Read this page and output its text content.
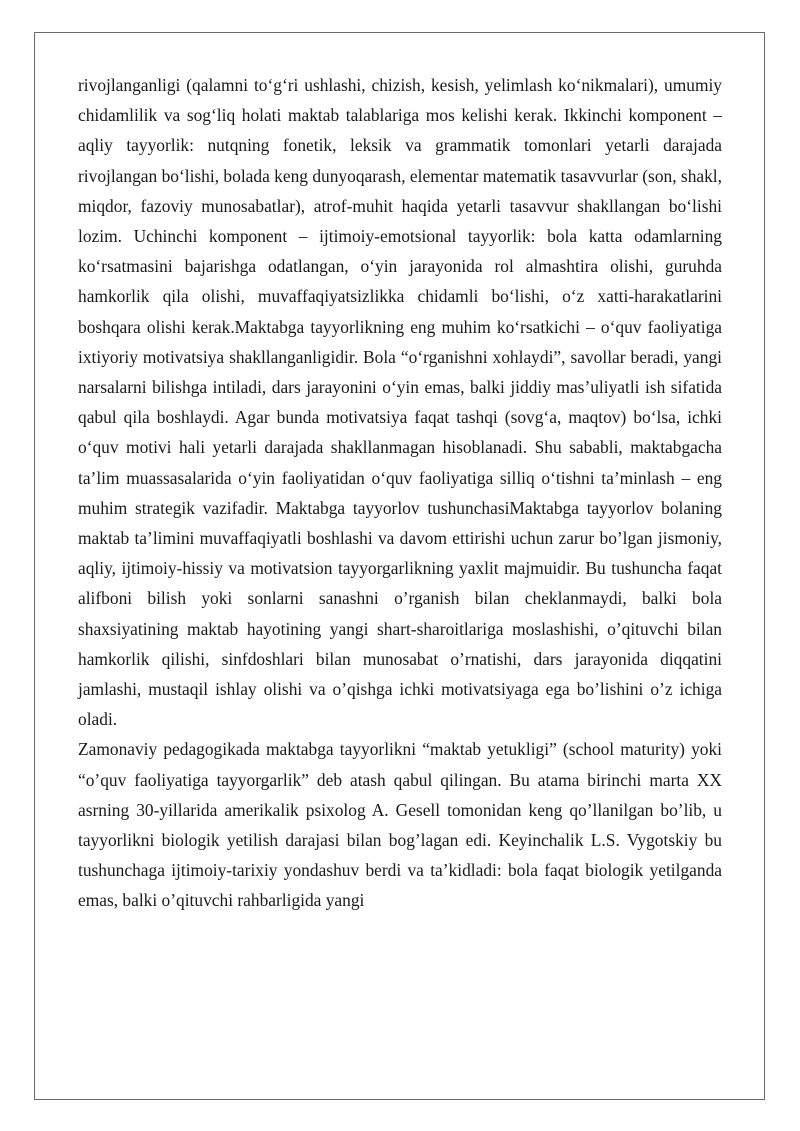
rivojlanganligi (qalamni to‘g‘ri ushlashi, chizish, kesish, yelimlash ko‘nikmalari), umumiy chidamlilik va sog‘liq holati maktab talablariga mos kelishi kerak. Ikkinchi komponent – aqliy tayyorlik: nutqning fonetik, leksik va grammatik tomonlari yetarli darajada rivojlangan bo‘lishi, bolada keng dunyoqarash, elementar matematik tasavvurlar (son, shakl, miqdor, fazoviy munosabatlar), atrof-muhit haqida yetarli tasavvur shakllangan bo‘lishi lozim. Uchinchi komponent – ijtimoiy-emotsional tayyorlik: bola katta odamlarning ko‘rsatmasini bajarishga odatlangan, o‘yin jarayonida rol almashtira olishi, guruhda hamkorlik qila olishi, muvaffaqiyatsizlikka chidamli bo‘lishi, o‘z xatti-harakatlarini boshqara olishi kerak.Maktabga tayyorlikning eng muhim ko‘rsatkichi – o‘quv faoliyatiga ixtiyoriy motivatsiya shakllanganligidir. Bola “o‘rganishni xohlaydi”, savollar beradi, yangi narsalarni bilishga intiladi, dars jarayonini o‘yin emas, balki jiddiy mas’uliyatli ish sifatida qabul qila boshlaydi. Agar bunda motivatsiya faqat tashqi (sovg‘a, maqtov) bo‘lsa, ichki o‘quv motivi hali yetarli darajada shakllanmagan hisoblanadi. Shu sababli, maktabgacha ta’lim muassasalarida o‘yin faoliyatidan o‘quv faoliyatiga silliq o‘tishni ta’minlash – eng muhim strategik vazifadir. Maktabga tayyorlov tushunchasiMaktabga tayyorlov bolaning maktab ta’limini muvaffaqiyatli boshlashi va davom ettirishi uchun zarur bo’lgan jismoniy, aqliy, ijtimoiy-hissiy va motivatsion tayyorgarlikning yaxlit majmuidir. Bu tushuncha faqat alifboni bilish yoki sonlarni sanashni o’rganish bilan cheklanmaydi, balki bola shaxsiyatining maktab hayotining yangi shart-sharoitlariga moslashishi, o’qituvchi bilan hamkorlik qilishi, sinfdoshlari bilan munosabat o’rnatishi, dars jarayonida diqqatini jamlashi, mustaqil ishlay olishi va o’qishga ichki motivatsiyaga ega bo’lishini o’z ichiga oladi.

Zamonaviy pedagogikada maktabga tayyorlikni “maktab yetukligi” (school maturity) yoki “o’quv faoliyatiga tayyorgarlik” deb atash qabul qilingan. Bu atama birinchi marta XX asrning 30-yillarida amerikalik psixolog A. Gesell tomonidan keng qo’llanilgan bo’lib, u tayyorlikni biologik yetilish darajasi bilan bog’lagan edi. Keyinchalik L.S. Vygotskiy bu tushunchaga ijtimoiy-tarixiy yondashuv berdi va ta’kidladi: bola faqat biologik yetilganda emas, balki o’qituvchi rahbarligida yangi
